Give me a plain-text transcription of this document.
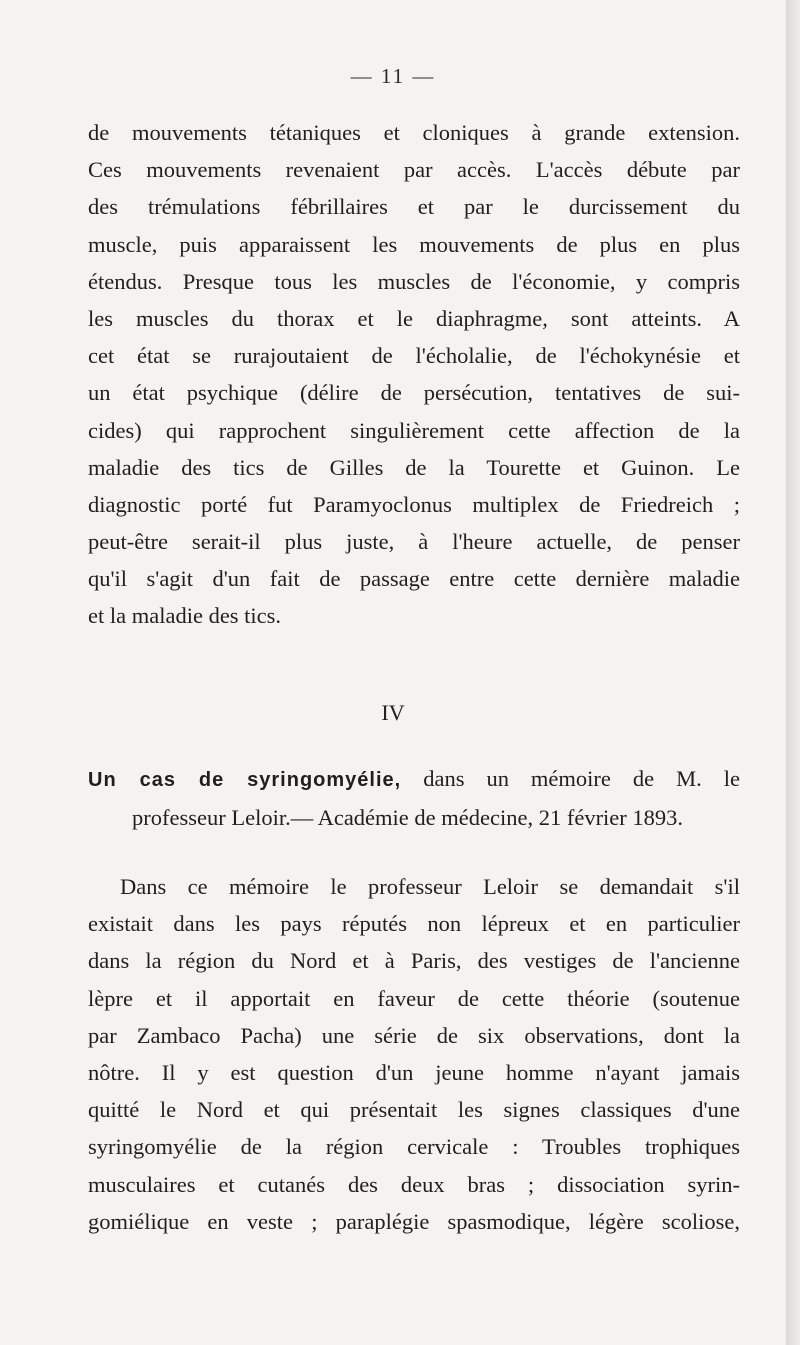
— 11 —
de mouvements tétaniques et cloniques à grande extension.
Ces mouvements revenaient par accès. L'accès débute par
des trémulations fébrillaires et par le durcissement du
muscle, puis apparaissent les mouvements de plus en plus
étendus. Presque tous les muscles de l'économie, y compris
les muscles du thorax et le diaphragme, sont atteints. A
cet état se rurajoutaient de l'écholalie, de l'échokynésie et
un état psychique (délire de persécution, tentatives de sui-
cides) qui rapprochent singulièrement cette affection de la
maladie des tics de Gilles de la Tourette et Guinon. Le
diagnostic porté fut Paramyoclonus multiplex de Friedreich ;
peut-être serait-il plus juste, à l'heure actuelle, de penser
qu'il s'agit d'un fait de passage entre cette dernière maladie
et la maladie des tics.
IV
Un cas de syringomyélie, dans un mémoire de M. le
professeur Leloir.— Académie de médecine, 21 février 1893.
Dans ce mémoire le professeur Leloir se demandait s'il
existait dans les pays réputés non lépreux et en particulier
dans la région du Nord et à Paris, des vestiges de l'ancienne
lèpre et il apportait en faveur de cette théorie (soutenue
par Zambaco Pacha) une série de six observations, dont la
nôtre. Il y est question d'un jeune homme n'ayant jamais
quitté le Nord et qui présentait les signes classiques d'une
syringomyélie de la région cervicale : Troubles trophiques
musculaires et cutanés des deux bras ; dissociation syrin-
gomiélique en veste ; paraplégie spasmodique, légère scoliose,
